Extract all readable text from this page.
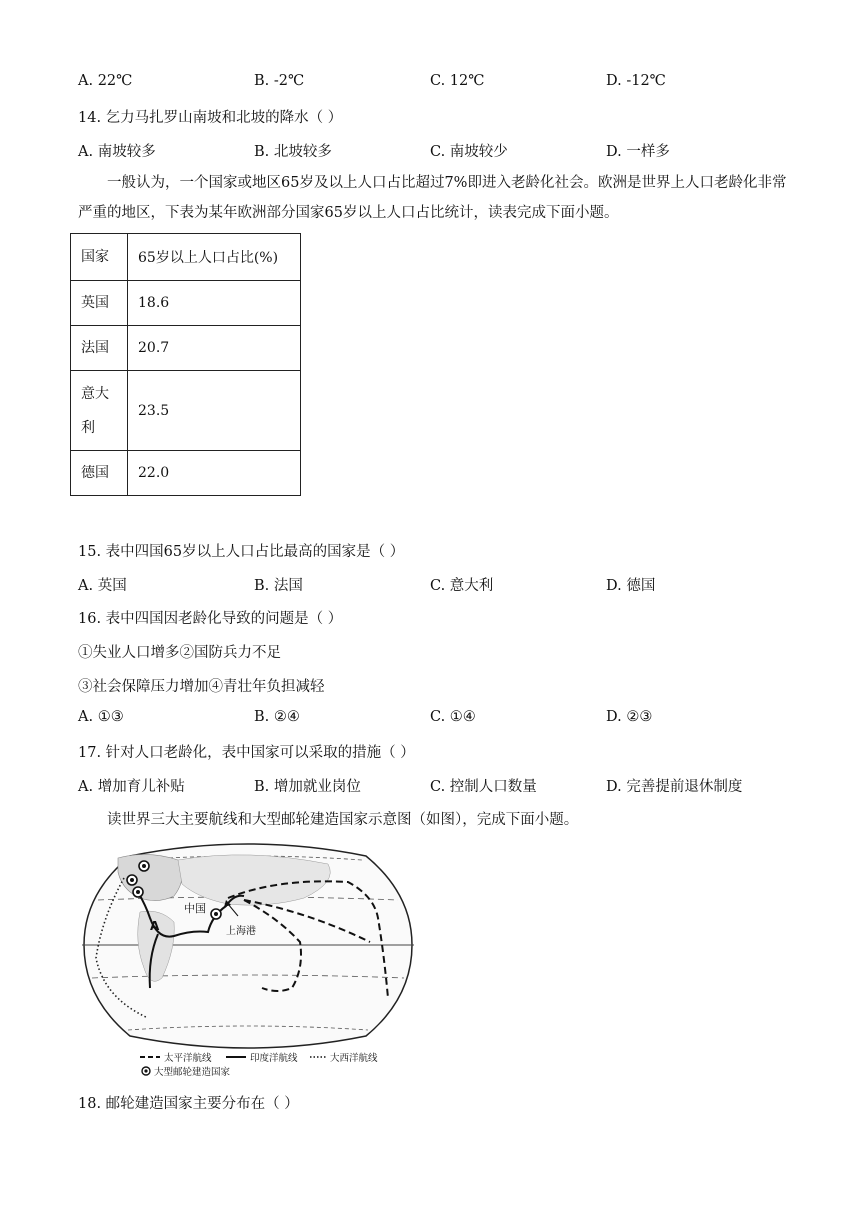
A. 22℃	B. -2℃	C. 12℃	D. -12℃
14. 乞力马扎罗山南坡和北坡的降水（ ）
A. 南坡较多	B. 北坡较多	C. 南坡较少	D. 一样多
一般认为，一个国家或地区65岁及以上人口占比超过7%即进入老龄化社会。欧洲是世界上人口老龄化非常严重的地区，下表为某年欧洲部分国家65岁以上人口占比统计，读表完成下面小题。
国家	65岁以上人口占比(%)
英国	18.6
法国	20.7
意大利	23.5
德国	22.0
15. 表中四国65岁以上人口占比最高的国家是（ ）
A. 英国	B. 法国	C. 意大利	D. 德国
16. 表中四国因老龄化导致的问题是（ ）
①失业人口增多②国防兵力不足
③社会保障压力增加④青壮年负担减轻
A. ①③	B. ②④	C. ①④	D. ②③
17. 针对人口老龄化，表中国家可以采取的措施（ ）
A. 增加育儿补贴	B. 增加就业岗位	C. 控制人口数量	D. 完善提前退休制度
读世界三大主要航线和大型邮轮建造国家示意图（如图），完成下面小题。
中国
上海港
A
太平洋航线	印度洋航线	大西洋航线
大型邮轮建造国家
18. 邮轮建造国家主要分布在（ ）
